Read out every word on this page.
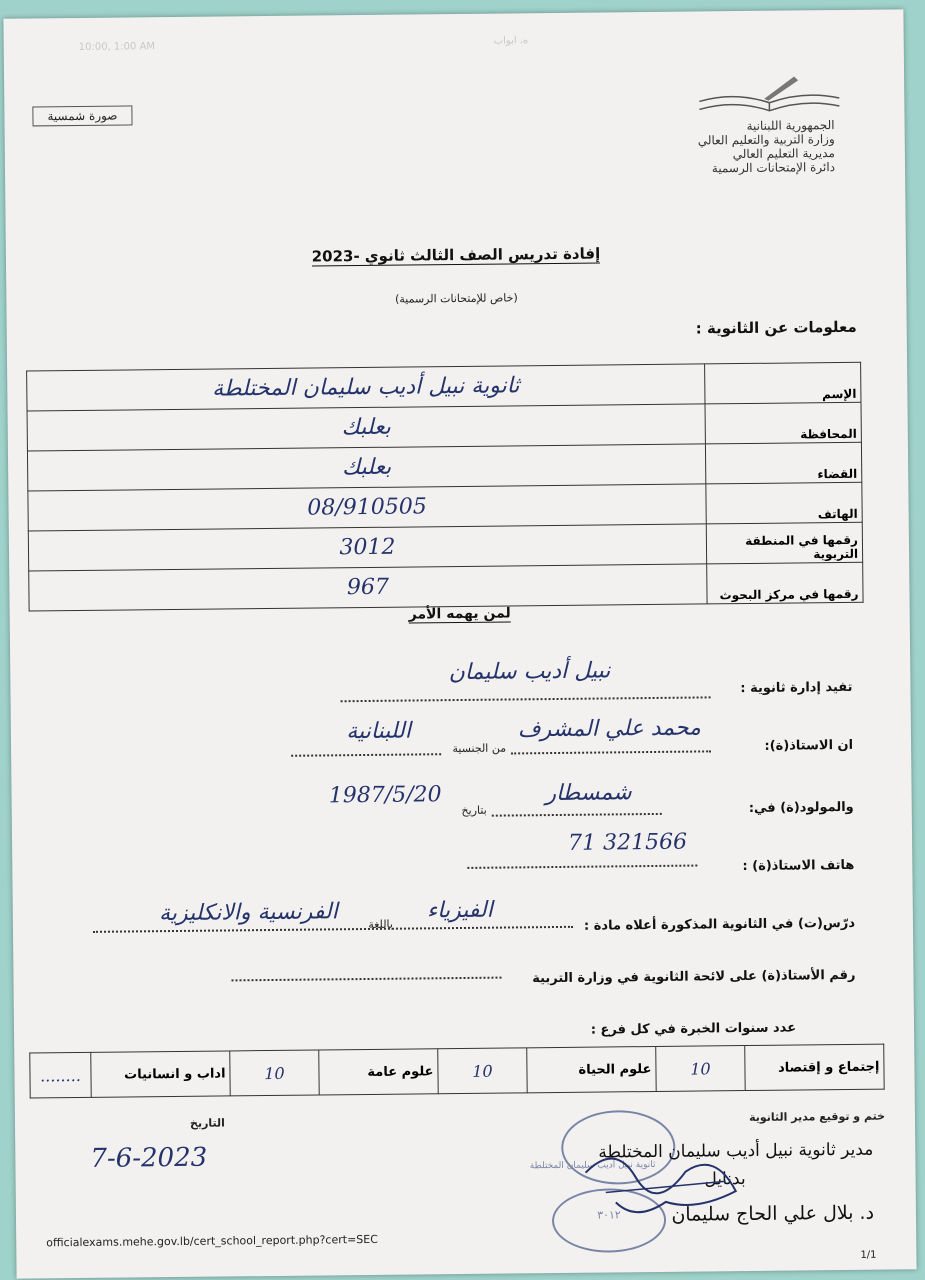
10:00, 1:00 AM
ه، ابواب
صورة شمسية
الجمهورية اللبنانية
وزارة التربية والتعليم العالي
مديرية التعليم العالي
دائرة الإمتحانات الرسمية
إفادة تدريس الصف الثالث ثانوي -2023
(خاص للإمتحانات الرسمية)
معلومات عن الثانوية :
الإسم	ثانوية نبيل أديب سليمان المختلطة
المحافظة	بعلبك
القضاء	بعلبك
الهاتف	08/910505
رقمها في المنطقة التربوية	3012
رقمها في مركز البحوث	967
لمن يهمه الأمر
تفيد إدارة ثانوية :
نبيل أديب سليمان
ان الاستاذ(ة):
محمد علي المشرف
من الجنسية
اللبنانية
والمولود(ة) في:
شمسطار
بتاريخ
1987/5/20
هاتف الاستاذ(ة) :
71 321566
درّس(ت) في الثانوية المذكورة أعلاه مادة :
الفيزياء
باللغة
الفرنسية والانكليزية
رقم الأستاذ(ة) على لائحة الثانوية في وزارة التربية
عدد سنوات الخبرة في كل فرع :
إجتماع و إقتصاد	10	علوم الحياة	10	علوم عامة	10	اداب و انسانيات	........
ختم و توقيع مدير الثانوية
التاريخ
7-6-2023
٣٠١٢
ثانوية نبيل أديب سليمان المختلطة
مدير ثانوية نبيل أديب سليمان المختلطة
بدنايل
د. بلال علي الحاج سليمان
officialexams.mehe.gov.lb/cert_school_report.php?cert=SEC
1/1
